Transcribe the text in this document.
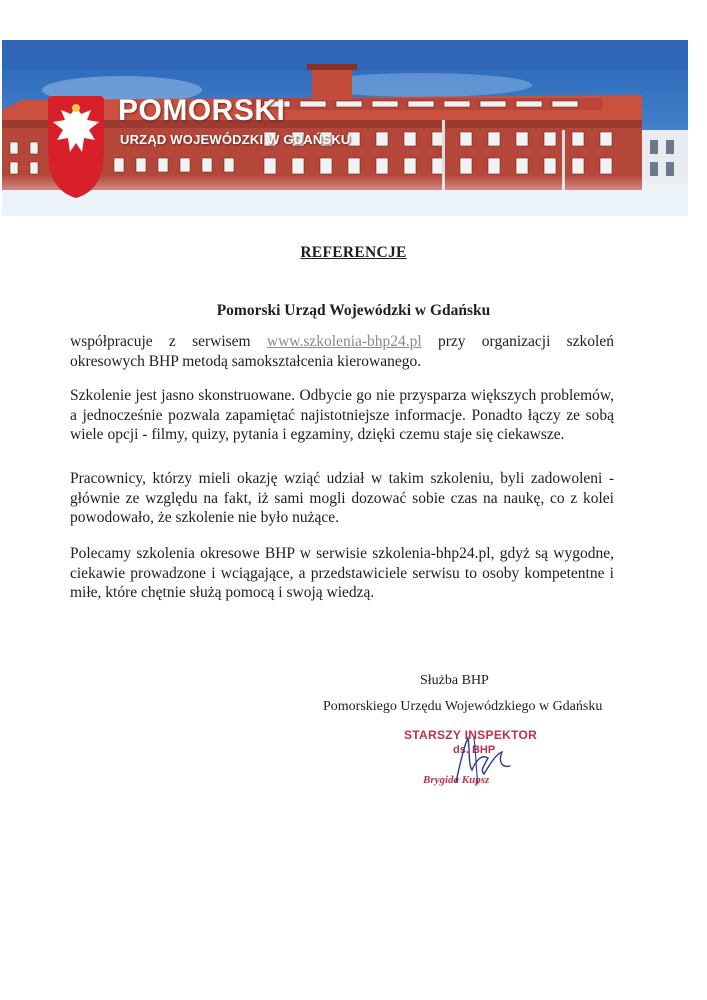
POMORSKI
URZĄD WOJEWÓDZKI W GDAŃSKU
REFERENCJE
Pomorski Urząd Wojewódzki w Gdańsku
współpracuje z serwisem www.szkolenia-bhp24.pl przy organizacji szkoleń okresowych BHP metodą samokształcenia kierowanego.
Szkolenie jest jasno skonstruowane. Odbycie go nie przysparza większych problemów, a jednocześnie pozwala zapamiętać najistotniejsze informacje. Ponadto łączy ze sobą wiele opcji - filmy, quizy, pytania i egzaminy, dzięki czemu staje się ciekawsze.
Pracownicy, którzy mieli okazję wziąć udział w takim szkoleniu, byli zadowoleni - głównie ze względu na fakt, iż sami mogli dozować sobie czas na naukę, co z kolei powodowało, że szkolenie nie było nużące.
Polecamy szkolenia okresowe BHP w serwisie szkolenia-bhp24.pl, gdyż są wygodne, ciekawie prowadzone i wciągające, a przedstawiciele serwisu to osoby kompetentne i miłe, które chętnie służą pomocą i swoją wiedzą.
Służba BHP
Pomorskiego Urzędu Wojewódzkiego w Gdańsku
STARSZY INSPEKTOR
ds. BHP
Brygida Kupsz
